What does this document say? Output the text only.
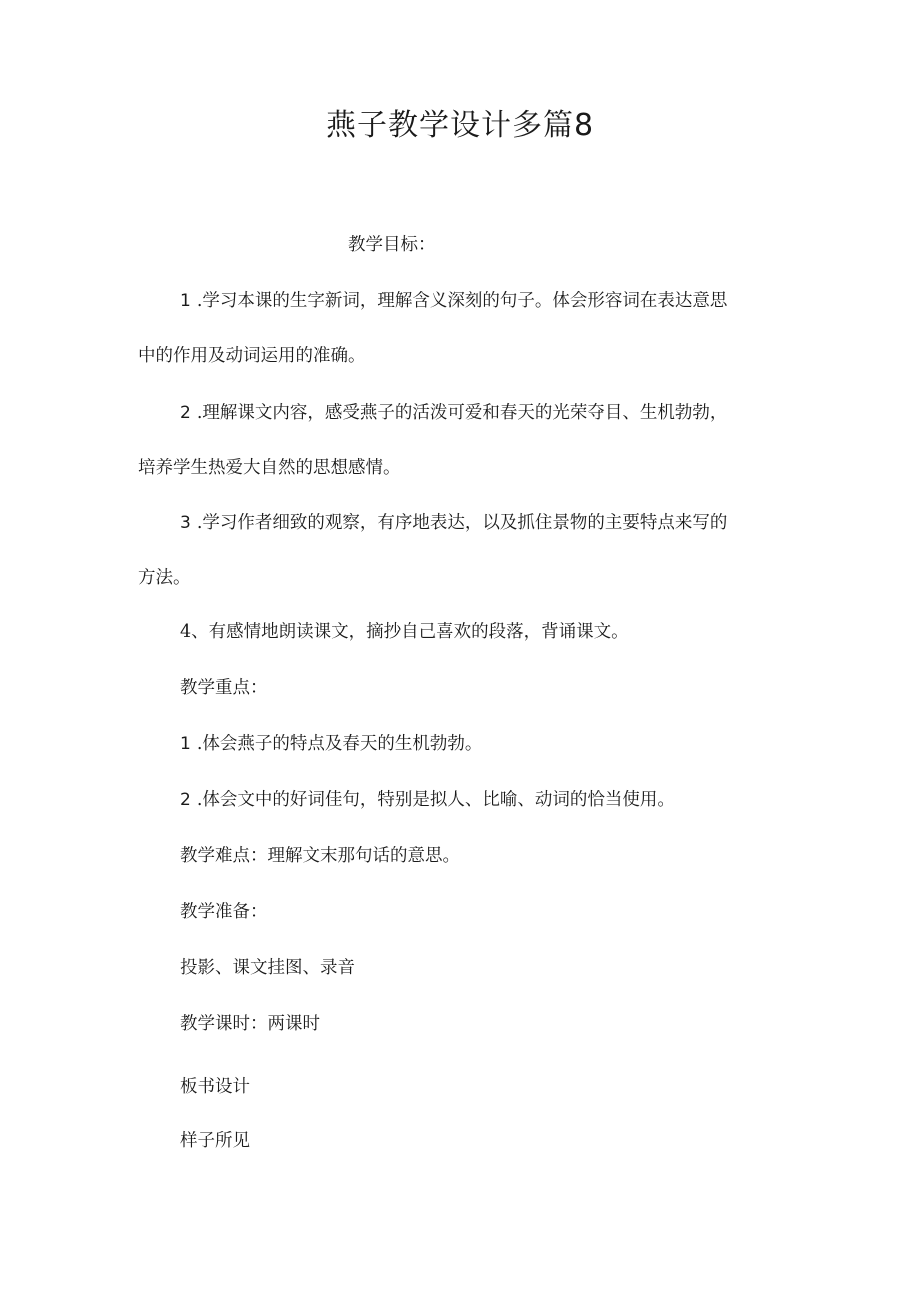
燕子教学设计多篇8
教学目标：
1 .学习本课的生字新词，理解含义深刻的句子。体会形容词在表达意思
中的作用及动词运用的准确。
2 .理解课文内容，感受燕子的活泼可爱和春天的光荣夺目、生机勃勃，
培养学生热爱大自然的思想感情。
3 .学习作者细致的观察，有序地表达，以及抓住景物的主要特点来写的
方法。
4、有感情地朗读课文，摘抄自己喜欢的段落，背诵课文。
教学重点：
1 .体会燕子的特点及春天的生机勃勃。
2 .体会文中的好词佳句，特别是拟人、比喻、动词的恰当使用。
教学难点：理解文末那句话的意思。
教学准备：
投影、课文挂图、录音
教学课时：两课时
板书设计
样子所见
